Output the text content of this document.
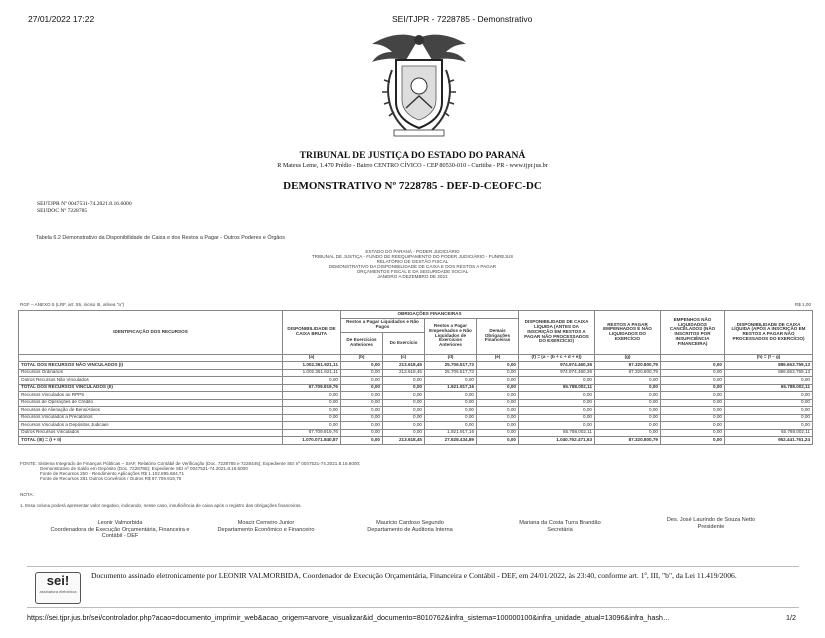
27/01/2022 17:22	SEI/TJPR - 7228785 - Demonstrativo
TRIBUNAL DE JUSTIÇA DO ESTADO DO PARANÁ
R Mateus Leme, 1.470 Prédio - Bairro CENTRO CÍVICO - CEP 80530-010 - Curitiba - PR - www.tjpr.jus.br
DEMONSTRATIVO Nº 7228785 - DEF-D-CEOFC-DC
SEI!TJPR Nº 0047531-74.2021.8.16.6000
SEI!DOC Nº 7228785
Tabela 6.2 Demonstrativo da Disponibilidade de Caixa e dos Restos a Pagar - Outros Poderes e Órgãos
ESTADO DO PARANÁ - PODER JUDICIÁRIO
TRIBUNAL DE JUSTIÇA - FUNDO DE REEQUIPAMENTO DO PODER JUDICIÁRIO - FUNREJUS
RELATÓRIO DE GESTÃO FISCAL
DEMONSTRATIVO DA DISPONIBILIDADE DE CAIXA E DOS RESTOS A PAGAR
ORÇAMENTOS FISCAL E DA SEGURIDADE SOCIAL
JANEIRO A DEZEMBRO DE 2021
RGF – ANEXO 5 (LRF, art. 55, inciso III, alínea "a")	R$ 1,00
IDENTIFICAÇÃO DOS RECURSOS	DISPONIBILIDADE DE CAIXA BRUTA	OBRIGAÇÕES FINANCEIRAS				DISPONIBILIDADE DE CAIXA LÍQUIDA (ANTES DA INSCRIÇÃO EM RESTOS A PAGAR NÃO PROCESSADOS DO EXERCÍCIO)	RESTOS A PAGAR EMPENHADOS E NÃO LIQUIDADOS DO EXERCÍCIO	EMPENHOS NÃO LIQUIDADOS CANCELADOS (NÃO INSCRITOS POR INSUFICIÊNCIA FINANCEIRA)	DISPONIBILIDADE DE CAIXA LÍQUIDA (APÓS A INSCRIÇÃO EM RESTOS A PAGAR NÃO PROCESSADOS DO EXERCÍCIO)
		Restos a Pagar Liquidados e Não Pagos		Restos a Pagar Empenhados e Não Liquidados de Exercícios Anteriores	Demais Obrigações Financeiras				
		De Exercícios Anteriores	Do Exercício						
	(a)	(b)	(c)	(d)	(e)	(f) = (a – (b + c + d + e))	(g)		(h) = (f – g)
TOTAL DOS RECURSOS NÃO VINCULADOS (I)	1.002.361.921,11	0,00	213.618,45	25.706.517,73	0,00	974.974.460,36	87.320.800,79	0,00	886.653.759,13
Recursos Ordinários	1.002.361.921,11	0,00	213.618,45	25.706.517,73	0,00	974.974.460,36	87.320.800,79	0,00	886.653.759,13
Outros Recursos Não Vinculados	0,00	0,00	0,00	0,00	0,00	0,00	0,00	0,00	0,00
TOTAL DOS RECURSOS VINCULADOS (II)	67.709.919,76	0,00	0,00	1.921.917,16	0,00	65.788.002,11	0,00	0,00	65.788.002,11
Recursos Vinculados ao RPPS	0,00	0,00	0,00	0,00	0,00	0,00	0,00	0,00	0,00
Recursos de Operações de Crédito	0,00	0,00	0,00	0,00	0,00	0,00	0,00	0,00	0,00
Recursos de Alienação de Bens/Ativos	0,00	0,00	0,00	0,00	0,00	0,00	0,00	0,00	0,00
Recursos Vinculados a Precatórios	0,00	0,00	0,00	0,00	0,00	0,00	0,00	0,00	0,00
Recursos Vinculados a Depósitos Judiciais	0,00	0,00	0,00	0,00	0,00	0,00	0,00	0,00	0,00
Outros Recursos Vinculados	67.709.919,76	0,00	0,00	1.921.917,16	0,00	65.788.002,11	0,00	0,00	65.788.002,11
TOTAL (III) = (I + II)	1.070.071.840,87	0,00	213.618,45	27.628.434,89	0,00	1.040.762.471,63	87.320.800,79	0,00	952.441.761,24
FONTE: Sistema Integrado de Finanças Públicas – SIAF, Relatório Contábil de Verificação (Doc. 7228785 e 7228445); Expediente SEI nº 0047531-74.2021.8.16.6000;
Demonstrativo de Saldo em Depósito (Doc. 7228785); Expediente SEI nº 0047531-74.2021.8.16.6000
Fonte de Recursos 250 - Rendimento Aplicações R$ 1.102.895.684,71
Fonte de Recursos 281 Outros Convênios / Outros R$ 67.709.919,76
NOTA:
1. Essa coluna poderá apresentar valor negativo, indicando, nesse caso, insuficiência de caixa após o registro das obrigações financeiras.
Leonir Valmorbida
Coordenadora de Execução Orçamentária, Financeira e Contábil - DEF
Moacir Cerneiro Junior
Departamento Econômico e Financeiro
Mauricio Cardoso Segundo
Departamento de Auditoria Interna
Mariana da Costa Turra Brandão
Secretária
Des. José Laurindo de Souza Netto
Presidente
sei!
assinatura eletrônica
Documento assinado eletronicamente por LEONIR VALMORBIDA, Coordenador de Execução Orçamentária, Financeira e Contábil - DEF, em 24/01/2022, às 23:40, conforme art. 1º, III, "b", da Lei 11.419/2006.
https://sei.tjpr.jus.br/sei/controlador.php?acao=documento_imprimir_web&acao_origem=arvore_visualizar&id_documento=8010762&infra_sistema=100000100&infra_unidade_atual=13096&infra_hash…	1/2
